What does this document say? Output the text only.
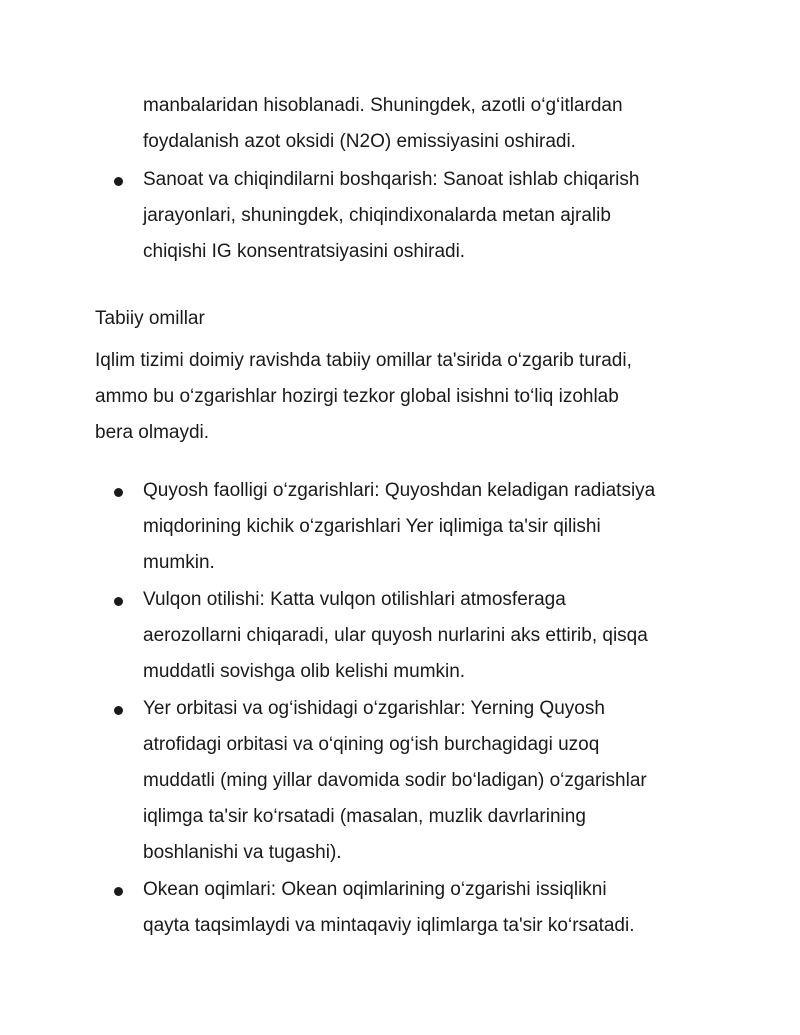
manbalaridan hisoblanadi. Shuningdek, azotli o‘g‘itlardan
foydalanish azot oksidi (N2O) emissiyasini oshiradi.
Sanoat va chiqindilarni boshqarish: Sanoat ishlab chiqarish
jarayonlari, shuningdek, chiqindixonalarda metan ajralib
chiqishi IG konsentratsiyasini oshiradi.
Tabiiy omillar
Iqlim tizimi doimiy ravishda tabiiy omillar ta'sirida o‘zgarib turadi,
ammo bu o‘zgarishlar hozirgi tezkor global isishni to‘liq izohlab
bera olmaydi.
Quyosh faolligi o‘zgarishlari: Quyoshdan keladigan radiatsiya
miqdorining kichik o‘zgarishlari Yer iqlimiga ta'sir qilishi
mumkin.
Vulqon otilishi: Katta vulqon otilishlari atmosferaga
aerozollarni chiqaradi, ular quyosh nurlarini aks ettirib, qisqa
muddatli sovishga olib kelishi mumkin.
Yer orbitasi va og‘ishidagi o‘zgarishlar: Yerning Quyosh
atrofidagi orbitasi va o‘qining og‘ish burchagidagi uzoq
muddatli (ming yillar davomida sodir bo‘ladigan) o‘zgarishlar
iqlimga ta'sir ko‘rsatadi (masalan, muzlik davrlarining
boshlanishi va tugashi).
Okean oqimlari: Okean oqimlarining o‘zgarishi issiqlikni
qayta taqsimlaydi va mintaqaviy iqlimlarga ta'sir ko‘rsatadi.
